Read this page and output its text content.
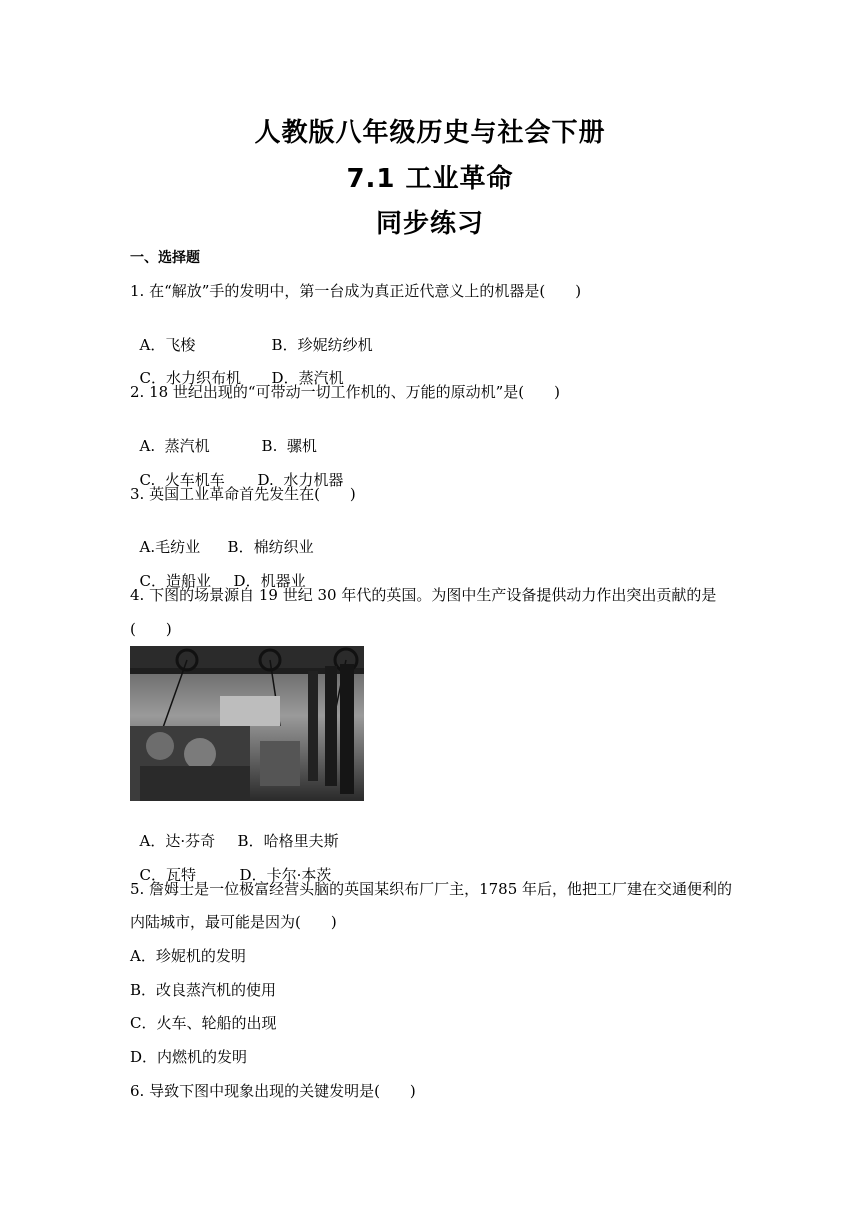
人教版八年级历史与社会下册
7.1 工业革命
同步练习
一、选择题
1. 在“解放”手的发明中，第一台成为真正近代意义上的机器是(　　)

A．飞梭	B．珍妮纺纱机

C．水力织布机 D．蒸汽机

2. 18 世纪出现的“可带动一切工作机的、万能的原动机”是(　　)

A.  蒸汽机	B.  骡机

C.  火车机车 D.  水力机器

3. 英国工业革命首先发生在(　　)

A.毛纺业 B．棉纺织业

C．造船业 D．机器业

4. 下图的场景源自 19 世纪 30 年代的英国。为图中生产设备提供动力作出突出贡献的是
(　　)

A．达·芬奇 B．哈格里夫斯

C．瓦特	D．卡尔·本茨

5. 詹姆士是一位极富经营头脑的英国某织布厂厂主，1785 年后，他把工厂建在交通便利的
内陆城市，最可能是因为(　　)
A．珍妮机的发明
B．改良蒸汽机的使用
C．火车、轮船的出现
D．内燃机的发明
6. 导致下图中现象出现的关键发明是(　　)
